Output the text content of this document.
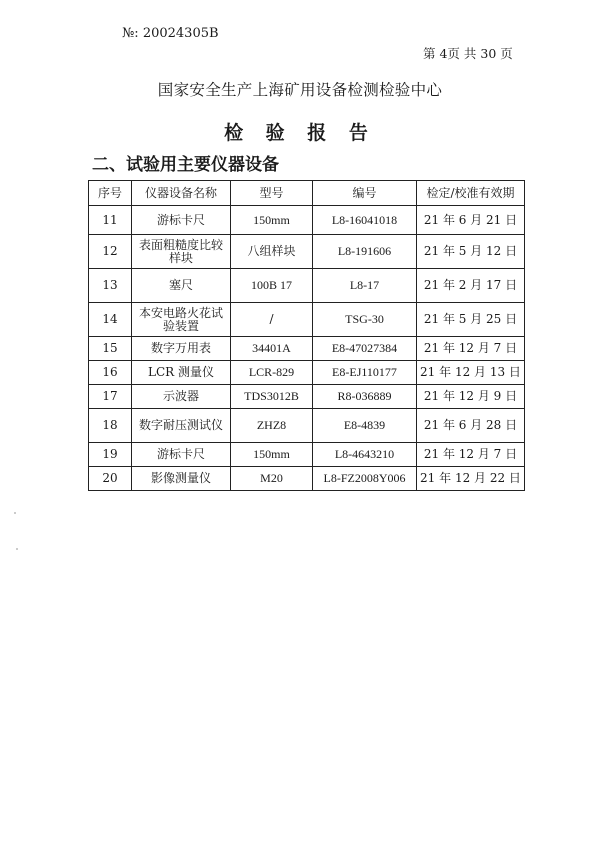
№: 20024305B
第 4页 共 30 页
国家安全生产上海矿用设备检测检验中心
检 验 报 告
二、试验用主要仪器设备
序号	仪器设备名称	型号	编号	检定/校准有效期
11	游标卡尺	150mm	L8-16041018	21 年 6 月 21 日
12	表面粗糙度比较样块	八组样块	L8-191606	21 年 5 月 12 日
13	塞尺	100B 17	L8-17	21 年 2 月 17 日
14	本安电路火花试验装置	/	TSG-30	21 年 5 月 25 日
15	数字万用表	34401A	E8-47027384	21 年 12 月 7 日
16	LCR 测量仪	LCR-829	E8-EJ110177	21 年 12 月 13 日
17	示波器	TDS3012B	R8-036889	21 年 12 月 9 日
18	数字耐压测试仪	ZHZ8	E8-4839	21 年 6 月 28 日
19	游标卡尺	150mm	L8-4643210	21 年 12 月 7 日
20	影像测量仪	M20	L8-FZ2008Y006	21 年 12 月 22 日
